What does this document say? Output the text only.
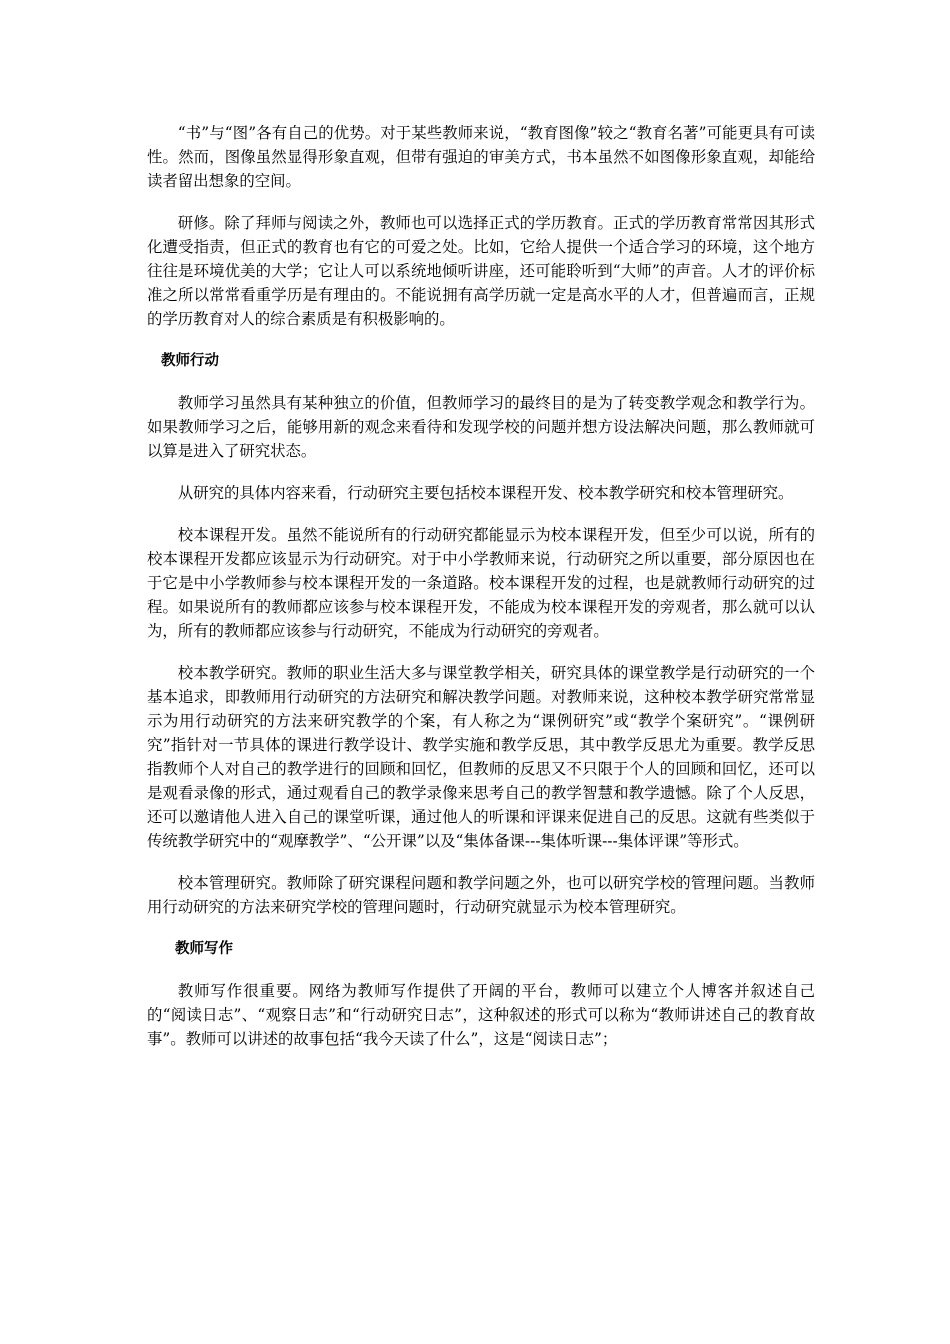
“书”与“图”各有自己的优势。对于某些教师来说，“教育图像”较之“教育名著”可能更具有可读性。然而，图像虽然显得形象直观，但带有强迫的审美方式，书本虽然不如图像形象直观，却能给读者留出想象的空间。

研修。除了拜师与阅读之外，教师也可以选择正式的学历教育。正式的学历教育常常因其形式化遭受指责，但正式的教育也有它的可爱之处。比如，它给人提供一个适合学习的环境，这个地方往往是环境优美的大学；它让人可以系统地倾听讲座，还可能聆听到“大师”的声音。人才的评价标准之所以常常看重学历是有理由的。不能说拥有高学历就一定是高水平的人才，但普遍而言，正规的学历教育对人的综合素质是有积极影响的。

教师行动

教师学习虽然具有某种独立的价值，但教师学习的最终目的是为了转变教学观念和教学行为。如果教师学习之后，能够用新的观念来看待和发现学校的问题并想方设法解决问题，那么教师就可以算是进入了研究状态。

从研究的具体内容来看，行动研究主要包括校本课程开发、校本教学研究和校本管理研究。

校本课程开发。虽然不能说所有的行动研究都能显示为校本课程开发，但至少可以说，所有的校本课程开发都应该显示为行动研究。对于中小学教师来说，行动研究之所以重要，部分原因也在于它是中小学教师参与校本课程开发的一条道路。校本课程开发的过程，也是就教师行动研究的过程。如果说所有的教师都应该参与校本课程开发，不能成为校本课程开发的旁观者，那么就可以认为，所有的教师都应该参与行动研究，不能成为行动研究的旁观者。

校本教学研究。教师的职业生活大多与课堂教学相关，研究具体的课堂教学是行动研究的一个基本追求，即教师用行动研究的方法研究和解决教学问题。对教师来说，这种校本教学研究常常显示为用行动研究的方法来研究教学的个案，有人称之为“课例研究”或“教学个案研究”。“课例研究”指针对一节具体的课进行教学设计、教学实施和教学反思，其中教学反思尤为重要。教学反思指教师个人对自己的教学进行的回顾和回忆，但教师的反思又不只限于个人的回顾和回忆，还可以是观看录像的形式，通过观看自己的教学录像来思考自己的教学智慧和教学遗憾。除了个人反思，还可以邀请他人进入自己的课堂听课，通过他人的听课和评课来促进自己的反思。这就有些类似于传统教学研究中的“观摩教学”、“公开课”以及“集体备课---集体听课---集体评课”等形式。

校本管理研究。教师除了研究课程问题和教学问题之外，也可以研究学校的管理问题。当教师用行动研究的方法来研究学校的管理问题时，行动研究就显示为校本管理研究。

教师写作

教师写作很重要。网络为教师写作提供了开阔的平台，教师可以建立个人博客并叙述自己的“阅读日志”、“观察日志”和“行动研究日志”，这种叙述的形式可以称为“教师讲述自己的教育故事”。教师可以讲述的故事包括“我今天读了什么”，这是“阅读日志”；
